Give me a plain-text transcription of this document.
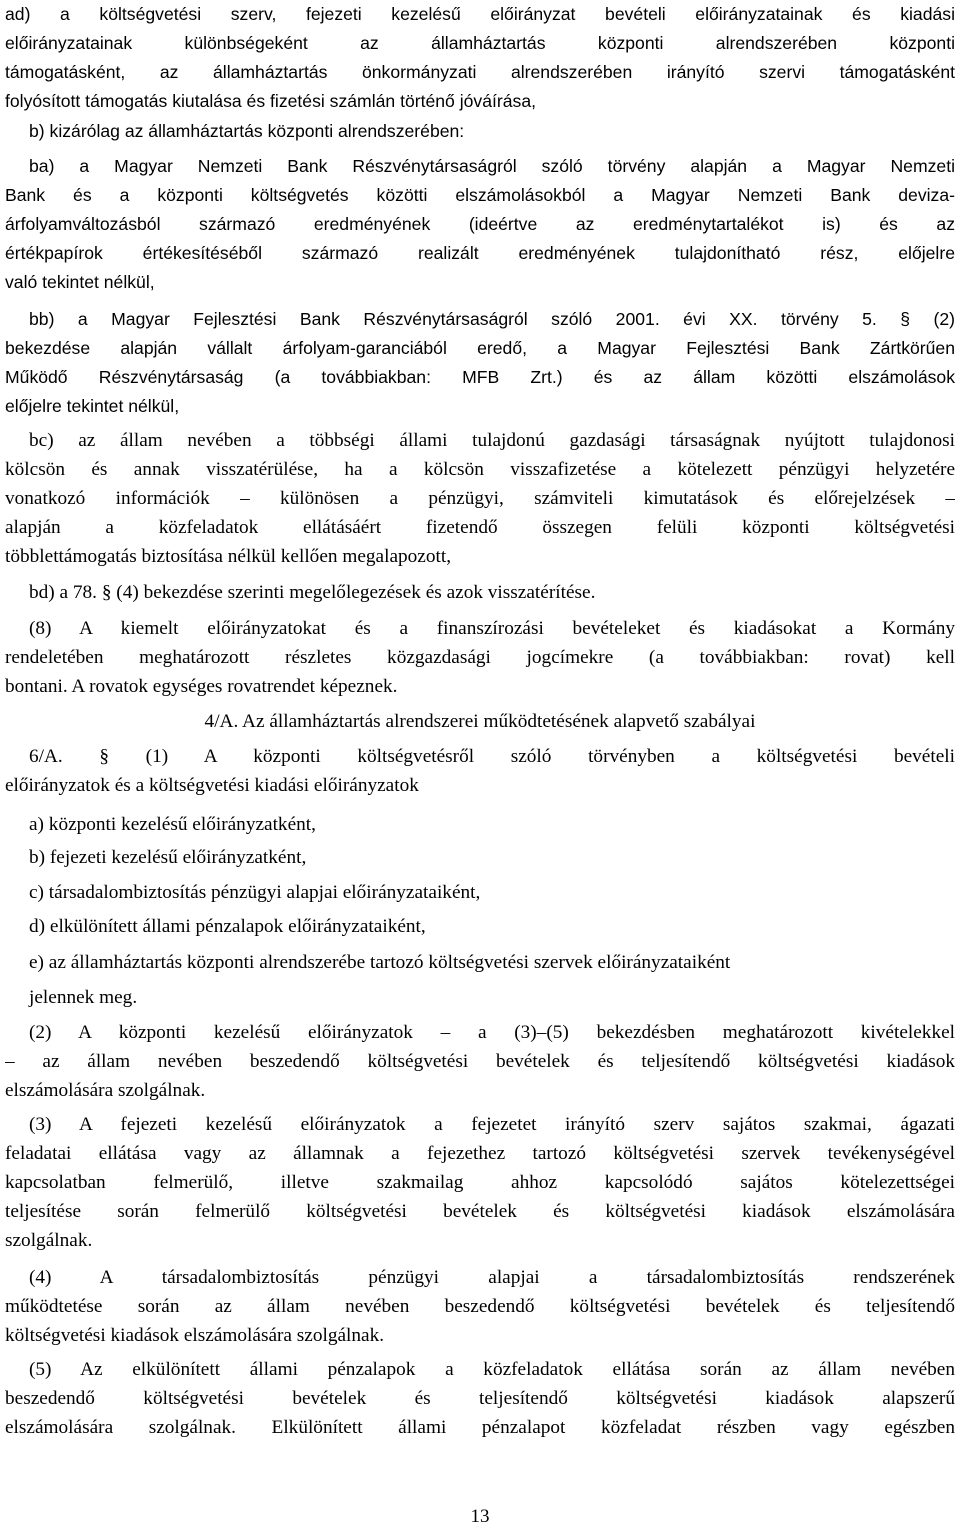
ad) a költségvetési szerv, fejezeti kezelésű előirányzat bevételi előirányzatainak és kiadási
előirányzatainak különbségeként az államháztartás központi alrendszerében központi
támogatásként, az államháztartás önkormányzati alrendszerében irányító szervi támogatásként
folyósított támogatás kiutalása és fizetési számlán történő jóváírása,
b) kizárólag az államháztartás központi alrendszerében:
ba) a Magyar Nemzeti Bank Részvénytársaságról szóló törvény alapján a Magyar Nemzeti
Bank és a központi költségvetés közötti elszámolásokból a Magyar Nemzeti Bank deviza-
árfolyamváltozásból származó eredményének (ideértve az eredménytartalékot is) és az
értékpapírok értékesítéséből származó realizált eredményének tulajdonítható rész, előjelre
való tekintet nélkül,
bb) a Magyar Fejlesztési Bank Részvénytársaságról szóló 2001. évi XX. törvény 5. § (2)
bekezdése alapján vállalt árfolyam-garanciából eredő, a Magyar Fejlesztési Bank Zártkörűen
Működő Részvénytársaság (a továbbiakban: MFB Zrt.) és az állam közötti elszámolások
előjelre tekintet nélkül,
bc) az állam nevében a többségi állami tulajdonú gazdasági társaságnak nyújtott tulajdonosi
kölcsön és annak visszatérülése, ha a kölcsön visszafizetése a kötelezett pénzügyi helyzetére
vonatkozó információk – különösen a pénzügyi, számviteli kimutatások és előrejelzések –
alapján a közfeladatok ellátásáért fizetendő összegen felüli központi költségvetési
többlettámogatás biztosítása nélkül kellően megalapozott,
bd) a 78. § (4) bekezdése szerinti megelőlegezések és azok visszatérítése.
(8) A kiemelt előirányzatokat és a finanszírozási bevételeket és kiadásokat a Kormány
rendeletében meghatározott részletes közgazdasági jogcímekre (a továbbiakban: rovat) kell
bontani. A rovatok egységes rovatrendet képeznek.
4/A. Az államháztartás alrendszerei működtetésének alapvető szabályai
6/A. § (1) A központi költségvetésről szóló törvényben a költségvetési bevételi
előirányzatok és a költségvetési kiadási előirányzatok
a) központi kezelésű előirányzatként,
b) fejezeti kezelésű előirányzatként,
c) társadalombiztosítás pénzügyi alapjai előirányzataiként,
d) elkülönített állami pénzalapok előirányzataiként,
e) az államháztartás központi alrendszerébe tartozó költségvetési szervek előirányzataiként
jelennek meg.
(2) A központi kezelésű előirányzatok – a (3)–(5) bekezdésben meghatározott kivételekkel
– az állam nevében beszedendő költségvetési bevételek és teljesítendő költségvetési kiadások
elszámolására szolgálnak.
(3) A fejezeti kezelésű előirányzatok a fejezetet irányító szerv sajátos szakmai, ágazati
feladatai ellátása vagy az államnak a fejezethez tartozó költségvetési szervek tevékenységével
kapcsolatban felmerülő, illetve szakmailag ahhoz kapcsolódó sajátos kötelezettségei
teljesítése során felmerülő költségvetési bevételek és költségvetési kiadások elszámolására
szolgálnak.
(4) A társadalombiztosítás pénzügyi alapjai a társadalombiztosítás rendszerének
működtetése során az állam nevében beszedendő költségvetési bevételek és teljesítendő
költségvetési kiadások elszámolására szolgálnak.
(5) Az elkülönített állami pénzalapok a közfeladatok ellátása során az állam nevében
beszedendő költségvetési bevételek és teljesítendő költségvetési kiadások alapszerű
elszámolására szolgálnak. Elkülönített állami pénzalapot közfeladat részben vagy egészben
13
